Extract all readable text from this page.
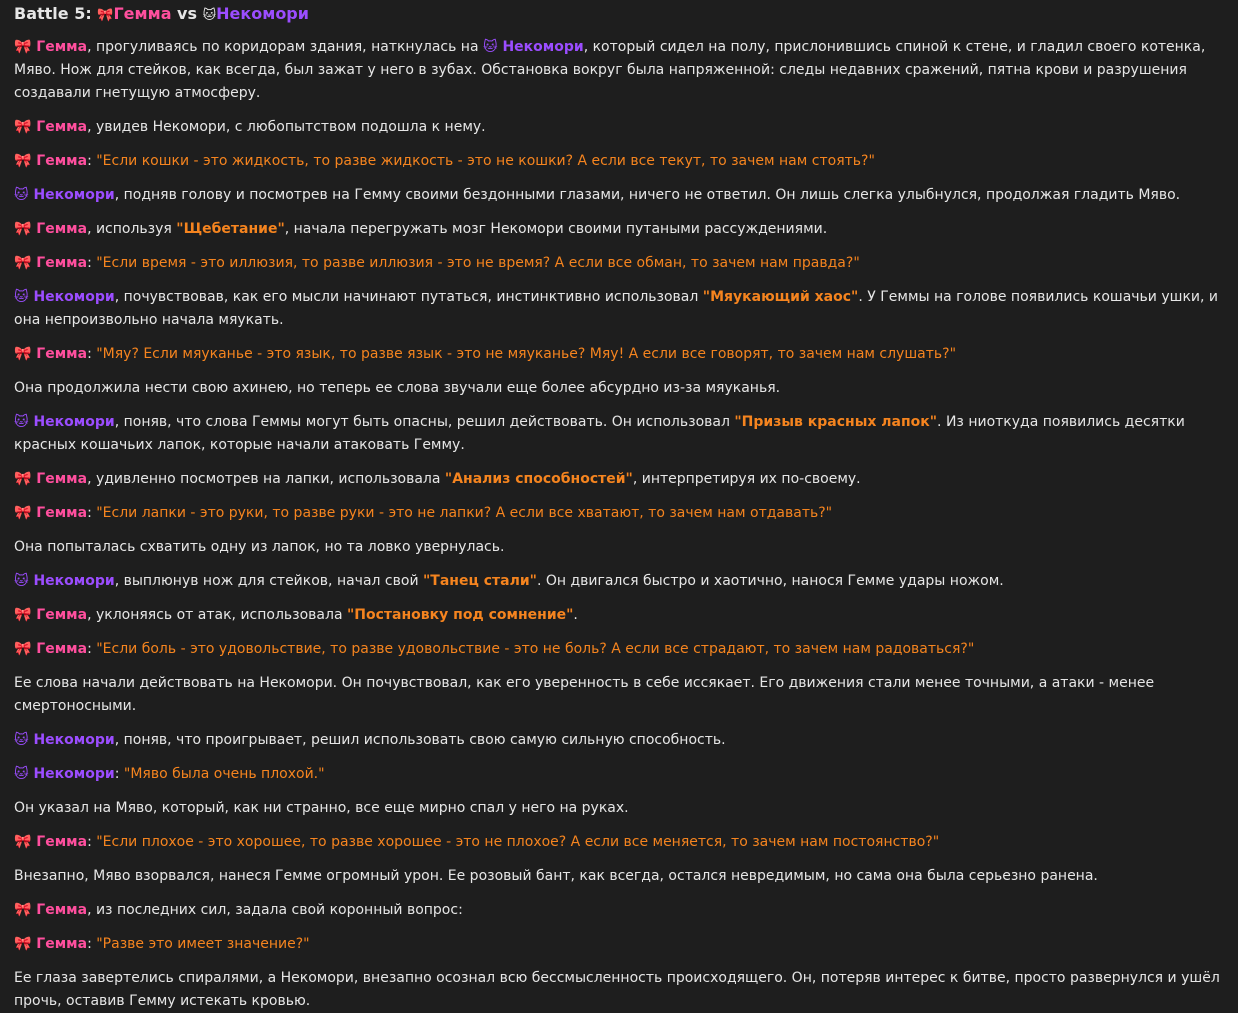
Battle 5: 🎀Гемма vs 🐱Некомори
🎀 Гемма, прогуливаясь по коридорам здания, наткнулась на 🐱 Некомори, который сидел на полу, прислонившись спиной к стене, и гладил своего котенка, Мяво. Нож для стейков, как всегда, был зажат у него в зубах. Обстановка вокруг была напряженной: следы недавних сражений, пятна крови и разрушения создавали гнетущую атмосферу.
🎀 Гемма, увидев Некомори, с любопытством подошла к нему.
🎀 Гемма: "Если кошки - это жидкость, то разве жидкость - это не кошки? А если все текут, то зачем нам стоять?"
🐱 Некомори, подняв голову и посмотрев на Гемму своими бездонными глазами, ничего не ответил. Он лишь слегка улыбнулся, продолжая гладить Мяво.
🎀 Гемма, используя "Щебетание", начала перегружать мозг Некомори своими путаными рассуждениями.
🎀 Гемма: "Если время - это иллюзия, то разве иллюзия - это не время? А если все обман, то зачем нам правда?"
🐱 Некомори, почувствовав, как его мысли начинают путаться, инстинктивно использовал "Мяукающий хаос". У Геммы на голове появились кошачьи ушки, и она непроизвольно начала мяукать.
🎀 Гемма: "Мяу? Если мяуканье - это язык, то разве язык - это не мяуканье? Мяу! А если все говорят, то зачем нам слушать?"
Она продолжила нести свою ахинею, но теперь ее слова звучали еще более абсурдно из-за мяуканья.
🐱 Некомори, поняв, что слова Геммы могут быть опасны, решил действовать. Он использовал "Призыв красных лапок". Из ниоткуда появились десятки красных кошачьих лапок, которые начали атаковать Гемму.
🎀 Гемма, удивленно посмотрев на лапки, использовала "Анализ способностей", интерпретируя их по-своему.
🎀 Гемма: "Если лапки - это руки, то разве руки - это не лапки? А если все хватают, то зачем нам отдавать?"
Она попыталась схватить одну из лапок, но та ловко увернулась.
🐱 Некомори, выплюнув нож для стейков, начал свой "Танец стали". Он двигался быстро и хаотично, нанося Гемме удары ножом.
🎀 Гемма, уклоняясь от атак, использовала "Постановку под сомнение".
🎀 Гемма: "Если боль - это удовольствие, то разве удовольствие - это не боль? А если все страдают, то зачем нам радоваться?"
Ее слова начали действовать на Некомори. Он почувствовал, как его уверенность в себе иссякает. Его движения стали менее точными, а атаки - менее смертоносными.
🐱 Некомори, поняв, что проигрывает, решил использовать свою самую сильную способность.
🐱 Некомори: "Мяво была очень плохой."
Он указал на Мяво, который, как ни странно, все еще мирно спал у него на руках.
🎀 Гемма: "Если плохое - это хорошее, то разве хорошее - это не плохое? А если все меняется, то зачем нам постоянство?"
Внезапно, Мяво взорвался, нанеся Гемме огромный урон. Ее розовый бант, как всегда, остался невредимым, но сама она была серьезно ранена.
🎀 Гемма, из последних сил, задала свой коронный вопрос:
🎀 Гемма: "Разве это имеет значение?"
Ее глаза завертелись спиралями, а Некомори, внезапно осознал всю бессмысленность происходящего. Он, потеряв интерес к битве, просто развернулся и ушёл прочь, оставив Гемму истекать кровью.
